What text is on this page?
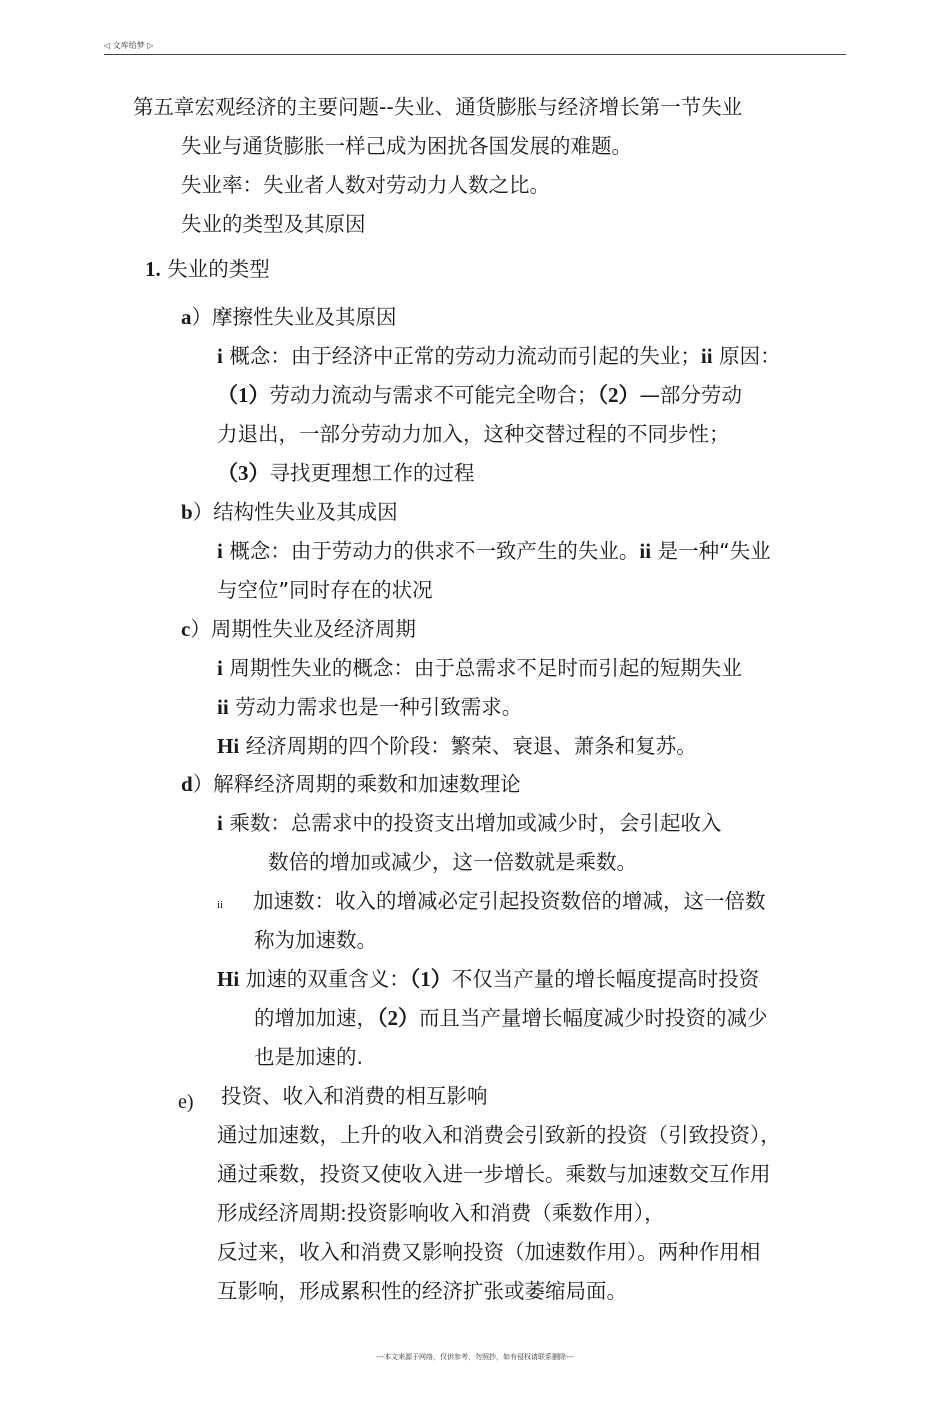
◁ 文库给梦 ▷
第五章宏观经济的主要问题--失业、通货膨胀与经济增长第一节失业
失业与通货膨胀一样己成为困扰各国发展的难题。
失业率：失业者人数对劳动力人数之比。
失业的类型及其原因
1. 失业的类型
a）摩擦性失业及其原因
i 概念：由于经济中正常的劳动力流动而引起的失业；ii 原因：
（1）劳动力流动与需求不可能完全吻合；（2）—部分劳动
力退出，一部分劳动力加入，这种交替过程的不同步性；
（3）寻找更理想工作的过程
b）结构性失业及其成因
i 概念：由于劳动力的供求不一致产生的失业。ii 是一种“失业
与空位”同时存在的状况
c）周期性失业及经济周期
i 周期性失业的概念：由于总需求不足时而引起的短期失业
ii 劳动力需求也是一种引致需求。
Hi 经济周期的四个阶段：繁荣、衰退、萧条和复苏。
d）解释经济周期的乘数和加速数理论
i 乘数：总需求中的投资支出增加或减少时，会引起收入
数倍的增加或减少，这一倍数就是乘数。
ii 加速数：收入的增减必定引起投资数倍的增减，这一倍数
称为加速数。
Hi 加速的双重含义：（1）不仅当产量的增长幅度提高时投资
的增加加速，（2）而且当产量增长幅度减少时投资的减少
也是加速的.
e) 投资、收入和消费的相互影响
通过加速数，上升的收入和消费会引致新的投资（引致投资），
通过乘数，投资又使收入进一步增长。乘数与加速数交互作用
形成经济周期:投资影响收入和消费（乘数作用），
反过来，收入和消费又影响投资（加速数作用）。两种作用相
互影响，形成累积性的经济扩张或萎缩局面。
---本文来源于网络，仅供参考，勿照抄，如有侵权请联系删除---
